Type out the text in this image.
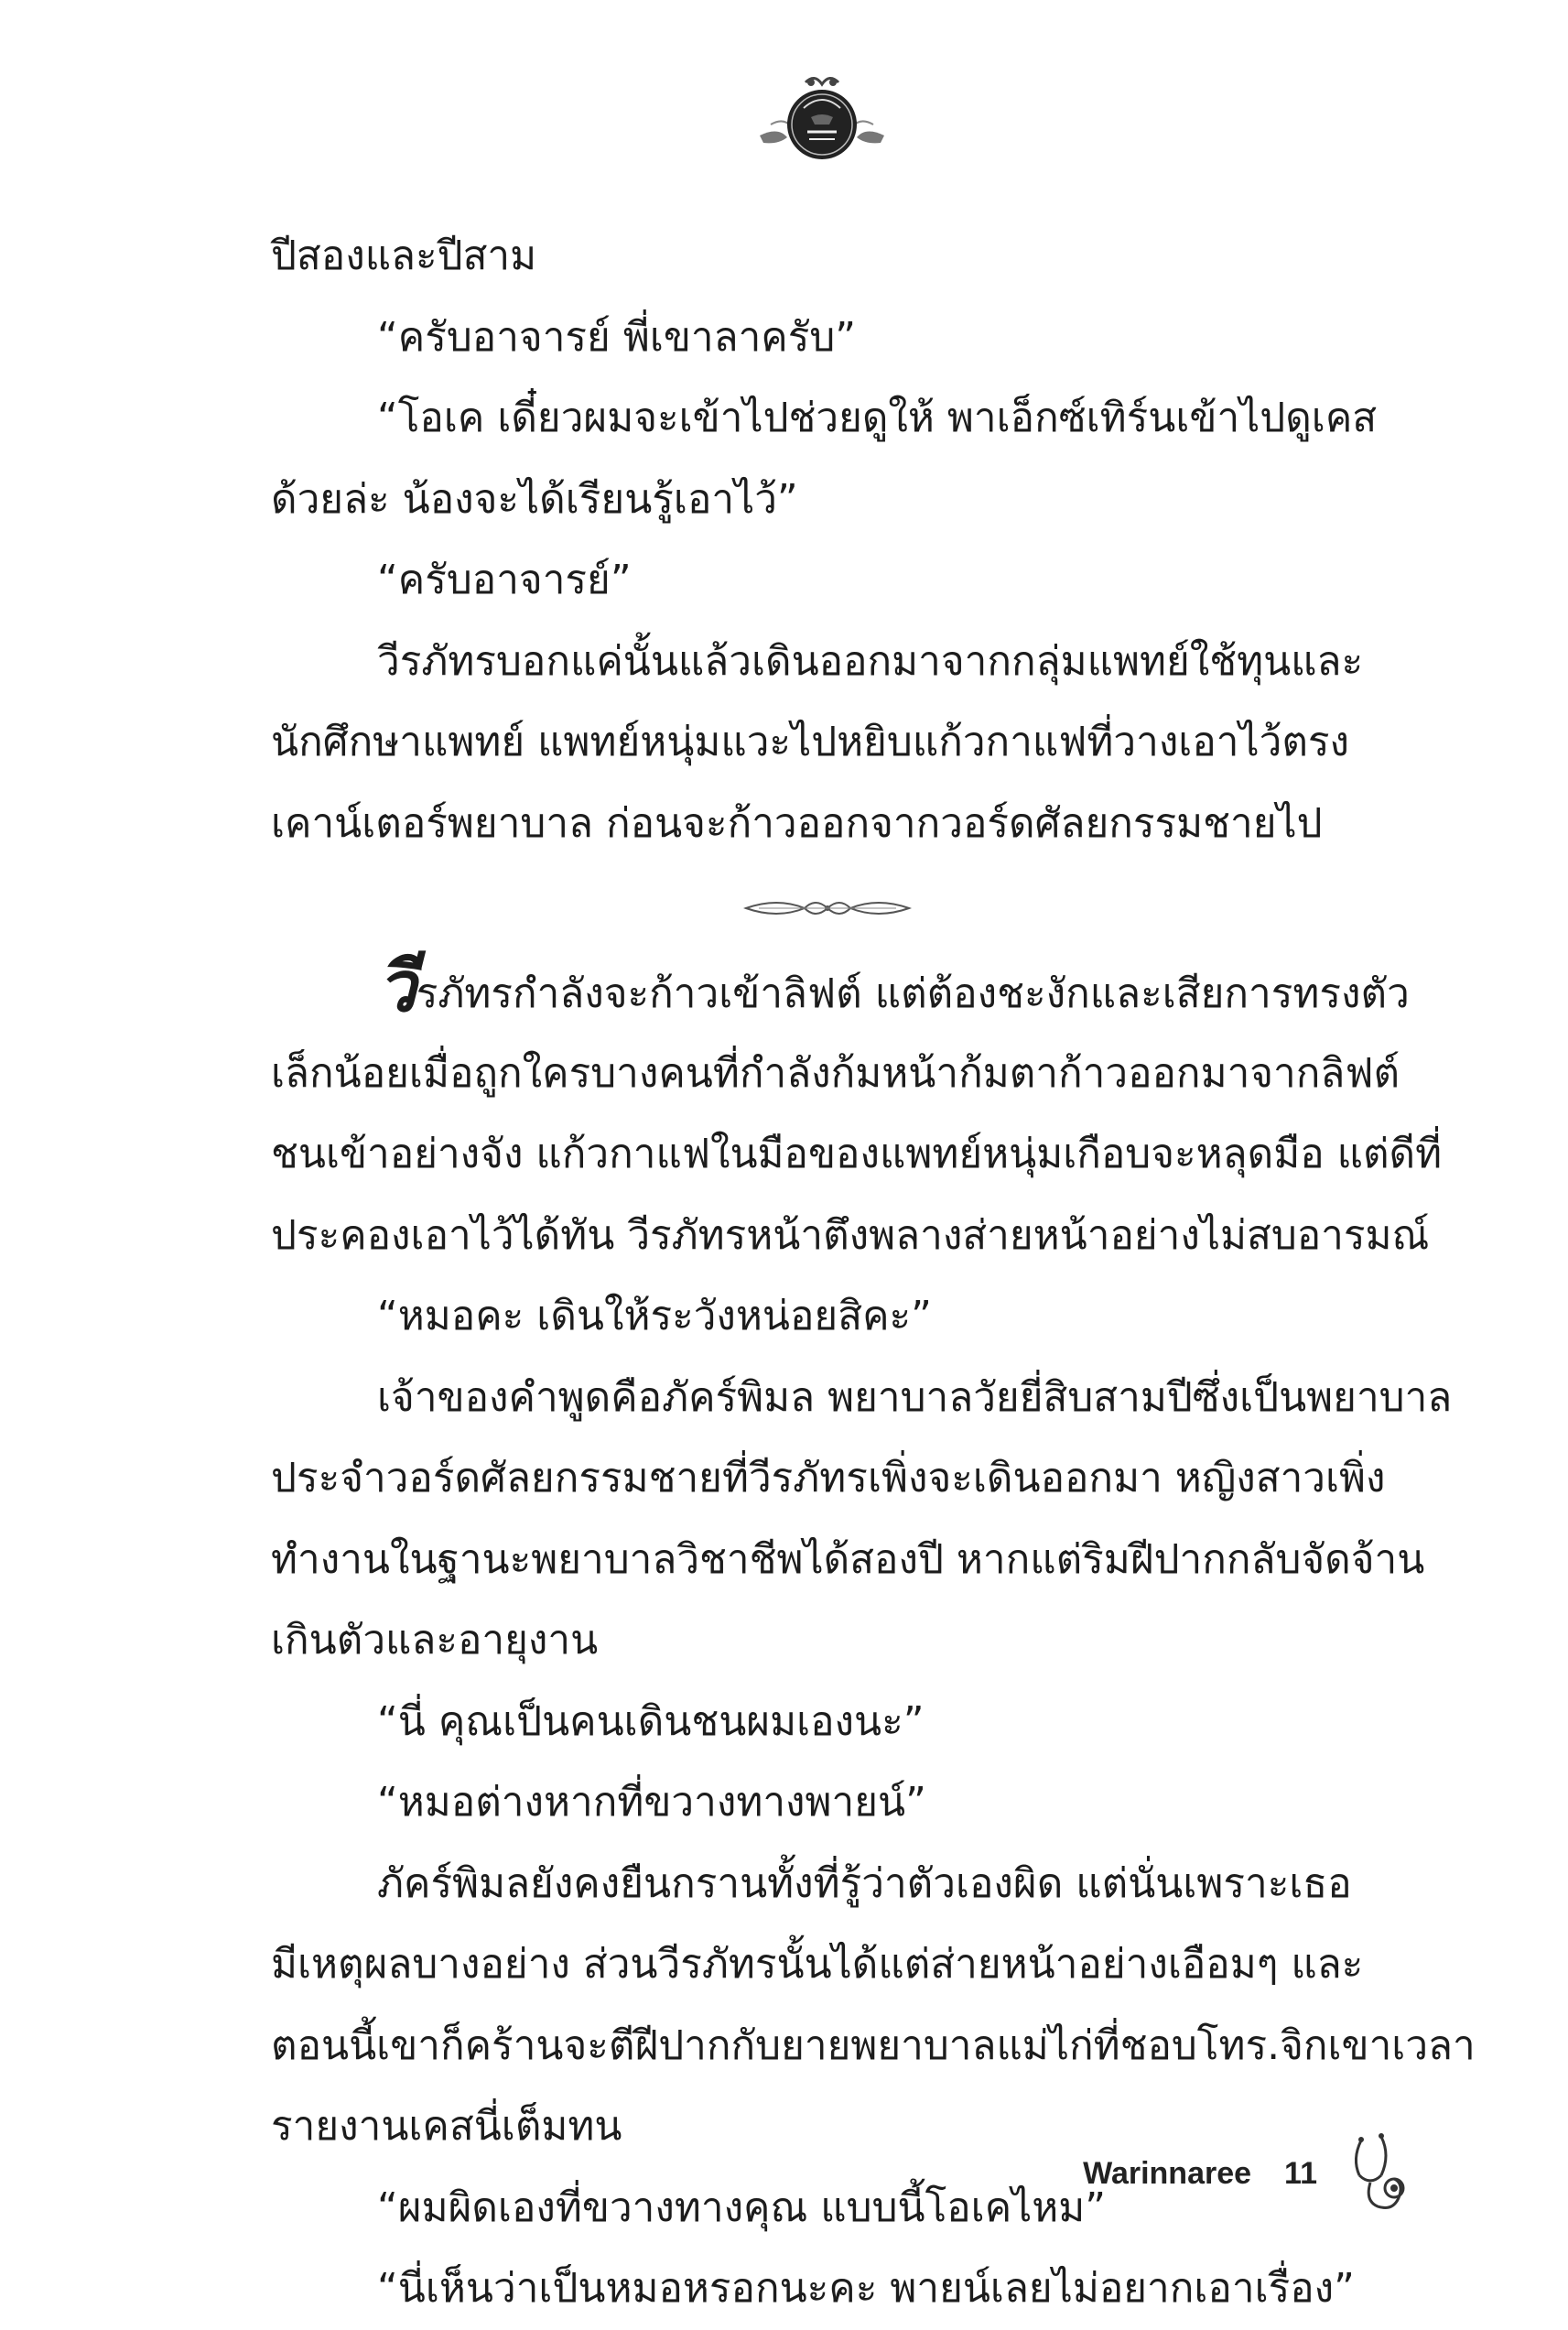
ปีสองและปีสาม
“ครับอาจารย์ พี่เขาลาครับ”
“โอเค เดี๋ยวผมจะเข้าไปช่วยดูให้ พาเอ็กซ์เทิร์นเข้าไปดูเคส
ด้วยล่ะ น้องจะได้เรียนรู้เอาไว้”
“ครับอาจารย์”
วีรภัทรบอกแค่นั้นแล้วเดินออกมาจากกลุ่มแพทย์ใช้ทุนและ
นักศึกษาแพทย์ แพทย์หนุ่มแวะไปหยิบแก้วกาแฟที่วางเอาไว้ตรง
เคาน์เตอร์พยาบาล ก่อนจะก้าวออกจากวอร์ดศัลยกรรมชายไป
วีรภัทรกำลังจะก้าวเข้าลิฟต์ แต่ต้องชะงักและเสียการทรงตัว
เล็กน้อยเมื่อถูกใครบางคนที่กำลังก้มหน้าก้มตาก้าวออกมาจากลิฟต์
ชนเข้าอย่างจัง แก้วกาแฟในมือของแพทย์หนุ่มเกือบจะหลุดมือ แต่ดีที่
ประคองเอาไว้ได้ทัน วีรภัทรหน้าตึงพลางส่ายหน้าอย่างไม่สบอารมณ์
“หมอคะ เดินให้ระวังหน่อยสิคะ”
เจ้าของคำพูดคือภัคร์พิมล พยาบาลวัยยี่สิบสามปีซึ่งเป็นพยาบาล
ประจำวอร์ดศัลยกรรมชายที่วีรภัทรเพิ่งจะเดินออกมา หญิงสาวเพิ่ง
ทำงานในฐานะพยาบาลวิชาชีพได้สองปี หากแต่ริมฝีปากกลับจัดจ้าน
เกินตัวและอายุงาน
“นี่ คุณเป็นคนเดินชนผมเองนะ”
“หมอต่างหากที่ขวางทางพายน์”
ภัคร์พิมลยังคงยืนกรานทั้งที่รู้ว่าตัวเองผิด แต่นั่นเพราะเธอ
มีเหตุผลบางอย่าง ส่วนวีรภัทรนั้นได้แต่ส่ายหน้าอย่างเอือมๆ และ
ตอนนี้เขาก็คร้านจะตีฝีปากกับยายพยาบาลแม่ไก่ที่ชอบโทร.จิกเขาเวลา
รายงานเคสนี่เต็มทน
“ผมผิดเองที่ขวางทางคุณ แบบนี้โอเคไหม”
“นี่เห็นว่าเป็นหมอหรอกนะคะ พายน์เลยไม่อยากเอาเรื่อง”
Warinnaree 11
